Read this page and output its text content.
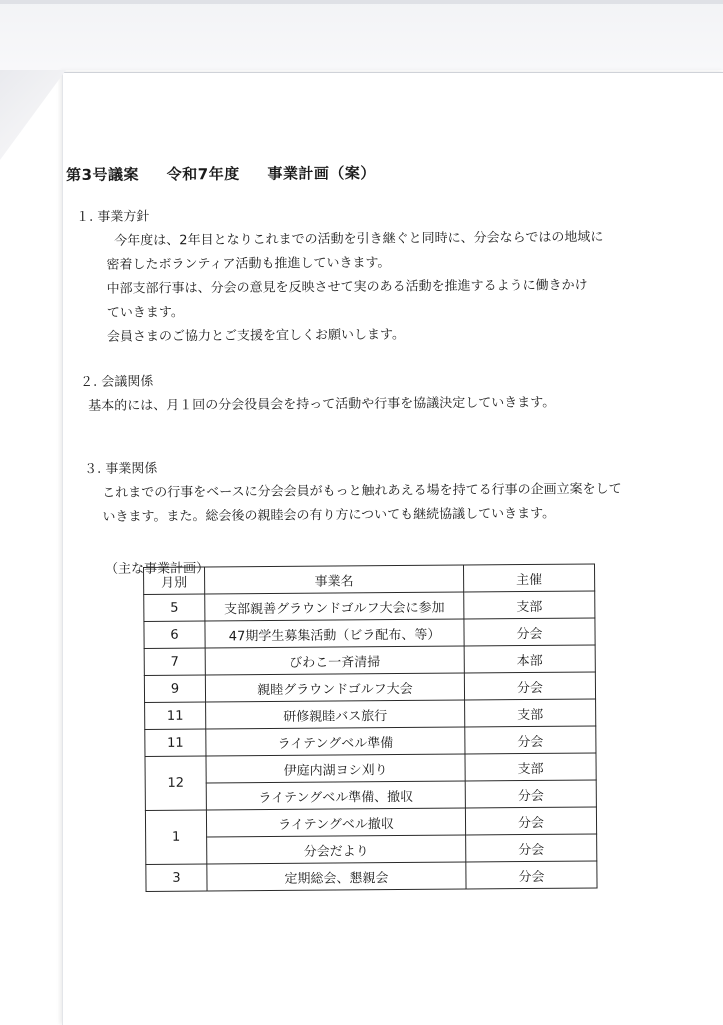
第3号議案 令和7年度 事業計画（案）
１. 事業方針
今年度は、2年目となりこれまでの活動を引き継ぐと同時に、分会ならではの地域に
密着したボランティア活動も推進していきます。
中部支部行事は、分会の意見を反映させて実のある活動を推進するように働きかけ
ていきます。
会員さまのご協力とご支援を宜しくお願いします。
２. 会議関係
基本的には、月１回の分会役員会を持って活動や行事を協議決定していきます。
３. 事業関係
これまでの行事をベースに分会会員がもっと触れあえる場を持てる行事の企画立案をして
いきます。また。総会後の親睦会の有り方についても継続協議していきます。
（主な事業計画）
月別	事業名	主催
5	支部親善グラウンドゴルフ大会に参加	支部
6	47期学生募集活動（ビラ配布、等）	分会
7	びわこ一斉清掃	本部
9	親睦グラウンドゴルフ大会	分会
11	研修親睦バス旅行	支部
11	ライテングベル準備	分会
12	伊庭内湖ヨシ刈り	支部
	ライテングベル準備、撤収	分会
1	ライテングベル撤収	分会
	分会だより	分会
3	定期総会、懇親会	分会
